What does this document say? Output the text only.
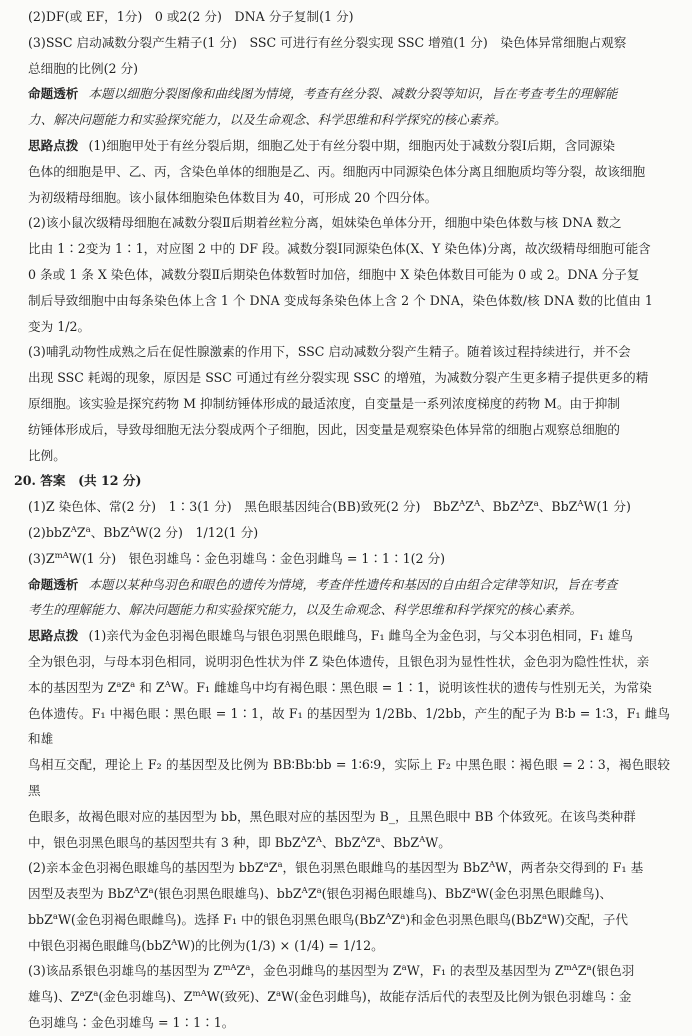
(2)DF(或 EF，1分)　0 或2(2 分)　DNA 分子复制(1 分)

(3)SSC 启动减数分裂产生精子(1 分)　SSC 可进行有丝分裂实现 SSC 增殖(1 分)　染色体异常细胞占观察

总细胞的比例(2 分)

命题透析 本题以细胞分裂图像和曲线图为情境，考查有丝分裂、减数分裂等知识，旨在考查考生的理解能

力、解决问题能力和实验探究能力，以及生命观念、科学思维和科学探究的核心素养。

思路点拨 (1)细胞甲处于有丝分裂后期，细胞乙处于有丝分裂中期，细胞丙处于减数分裂Ⅰ后期，含同源染

色体的细胞是甲、乙、丙，含染色单体的细胞是乙、丙。细胞丙中同源染色体分离且细胞质均等分裂，故该细胞

为初级精母细胞。该小鼠体细胞染色体数目为 40，可形成 20 个四分体。

(2)该小鼠次级精母细胞在减数分裂Ⅱ后期着丝粒分离，姐妹染色单体分开，细胞中染色体数与核 DNA 数之

比由 1∶2变为 1∶1，对应图 2 中的 DF 段。减数分裂Ⅰ同源染色体(X、Y 染色体)分离，故次级精母细胞可能含

0 条或 1 条 X 染色体，减数分裂Ⅱ后期染色体数暂时加倍，细胞中 X 染色体数目可能为 0 或 2。DNA 分子复

制后导致细胞中由每条染色体上含 1 个 DNA 变成每条染色体上含 2 个 DNA，染色体数/核 DNA 数的比值由 1

变为 1/2。

(3)哺乳动物性成熟之后在促性腺激素的作用下，SSC 启动减数分裂产生精子。随着该过程持续进行，并不会

出现 SSC 耗竭的现象，原因是 SSC 可通过有丝分裂实现 SSC 的增殖，为减数分裂产生更多精子提供更多的精

原细胞。该实验是探究药物 M 抑制纺锤体形成的最适浓度，自变量是一系列浓度梯度的药物 M。由于抑制

纺锤体形成后，导致母细胞无法分裂成两个子细胞，因此，因变量是观察染色体异常的细胞占观察总细胞的

比例。

20. 答案　(共 12 分)

(1)Z 染色体、常(2 分)　1∶3(1 分)　黑色眼基因纯合(BB)致死(2 分)　$BbZ^AZ^A$、$BbZ^AZ^a$、BbZ$^A$W(1 分)

$(2)bbZ^AZ^a$、BbZ$^A$W(2 分)　1/12(1 分)

$(3)Z^{mA}W(1$ 分)　银色羽雄鸟∶金色羽雄鸟∶金色羽雌鸟 = 1∶1∶1(2 分)

命题透析 本题以某种鸟羽色和眼色的遗传为情境，考查伴性遗传和基因的自由组合定律等知识，旨在考查

考生的理解能力、解决问题能力和实验探究能力，以及生命观念、科学思维和科学探究的核心素养。

思路点拨 (1)亲代为金色羽褐色眼雄鸟与银色羽黑色眼雌鸟，F₁ 雌鸟全为金色羽，与父本羽色相同，F₁ 雄鸟

全为银色羽，与母本羽色相同，说明羽色性状为伴 Z 染色体遗传，且银色羽为显性性状，金色羽为隐性性状，亲

本的基因型为 $Z^aZ^a$ 和 $Z^AW$。F₁ 雌雄鸟中均有褐色眼∶黑色眼 = 1∶1，说明该性状的遗传与性别无关，为常染

色体遗传。F₁ 中褐色眼∶黑色眼 = 1∶1，故 F₁ 的基因型为 1/2Bb、1/2bb，产生的配子为 B∶b = 1∶3，F₁ 雌鸟和雄

鸟相互交配，理论上 F₂ 的基因型及比例为 BB∶Bb∶bb = 1∶6∶9，实际上 F₂ 中黑色眼∶褐色眼 = 2∶3，褐色眼较黑

色眼多，故褐色眼对应的基因型为 bb，黑色眼对应的基因型为 B_，且黑色眼中 BB 个体致死。在该鸟类种群

中，银色羽黑色眼鸟的基因型共有 3 种，即 $BbZ^AZ^A$、$BbZ^AZ^a$、BbZ$^A$W。

(2)亲本金色羽褐色眼雄鸟的基因型为 $bbZ^aZ^a$，银色羽黑色眼雌鸟的基因型为 BbZ$^A$W，两者杂交得到的 F₁ 基

因型及表型为 $BbZ^AZ^a$(银色羽黑色眼雄鸟)、$bbZ^AZ^a$(银色羽褐色眼雄鸟)、BbZ$^a$W(金色羽黑色眼雌鸟)、

bbZ$^a$W(金色羽褐色眼雌鸟)。选择 F₁ 中的银色羽黑色眼鸟$(BbZ^AZ^a)$和金色羽黑色眼鸟(BbZ$^a$W)交配，子代

中银色羽褐色眼雌鸟(bbZ$^A$W)的比例为(1/3) × (1/4) = 1/12。

(3)该品系银色羽雄鸟的基因型为 $Z^{mA}Z^a$，金色羽雌鸟的基因型为 $Z^aW$，F₁ 的表型及基因型为 $Z^{mA}Z^a$(银色羽

雄鸟)、$Z^aZ^a$(金色羽雄鸟)、$Z^{mA}W$(致死)、$Z^aW$(金色羽雌鸟)，故能存活后代的表型及比例为银色羽雄鸟∶金

色羽雄鸟∶金色羽雄鸟 = 1∶1∶1。
